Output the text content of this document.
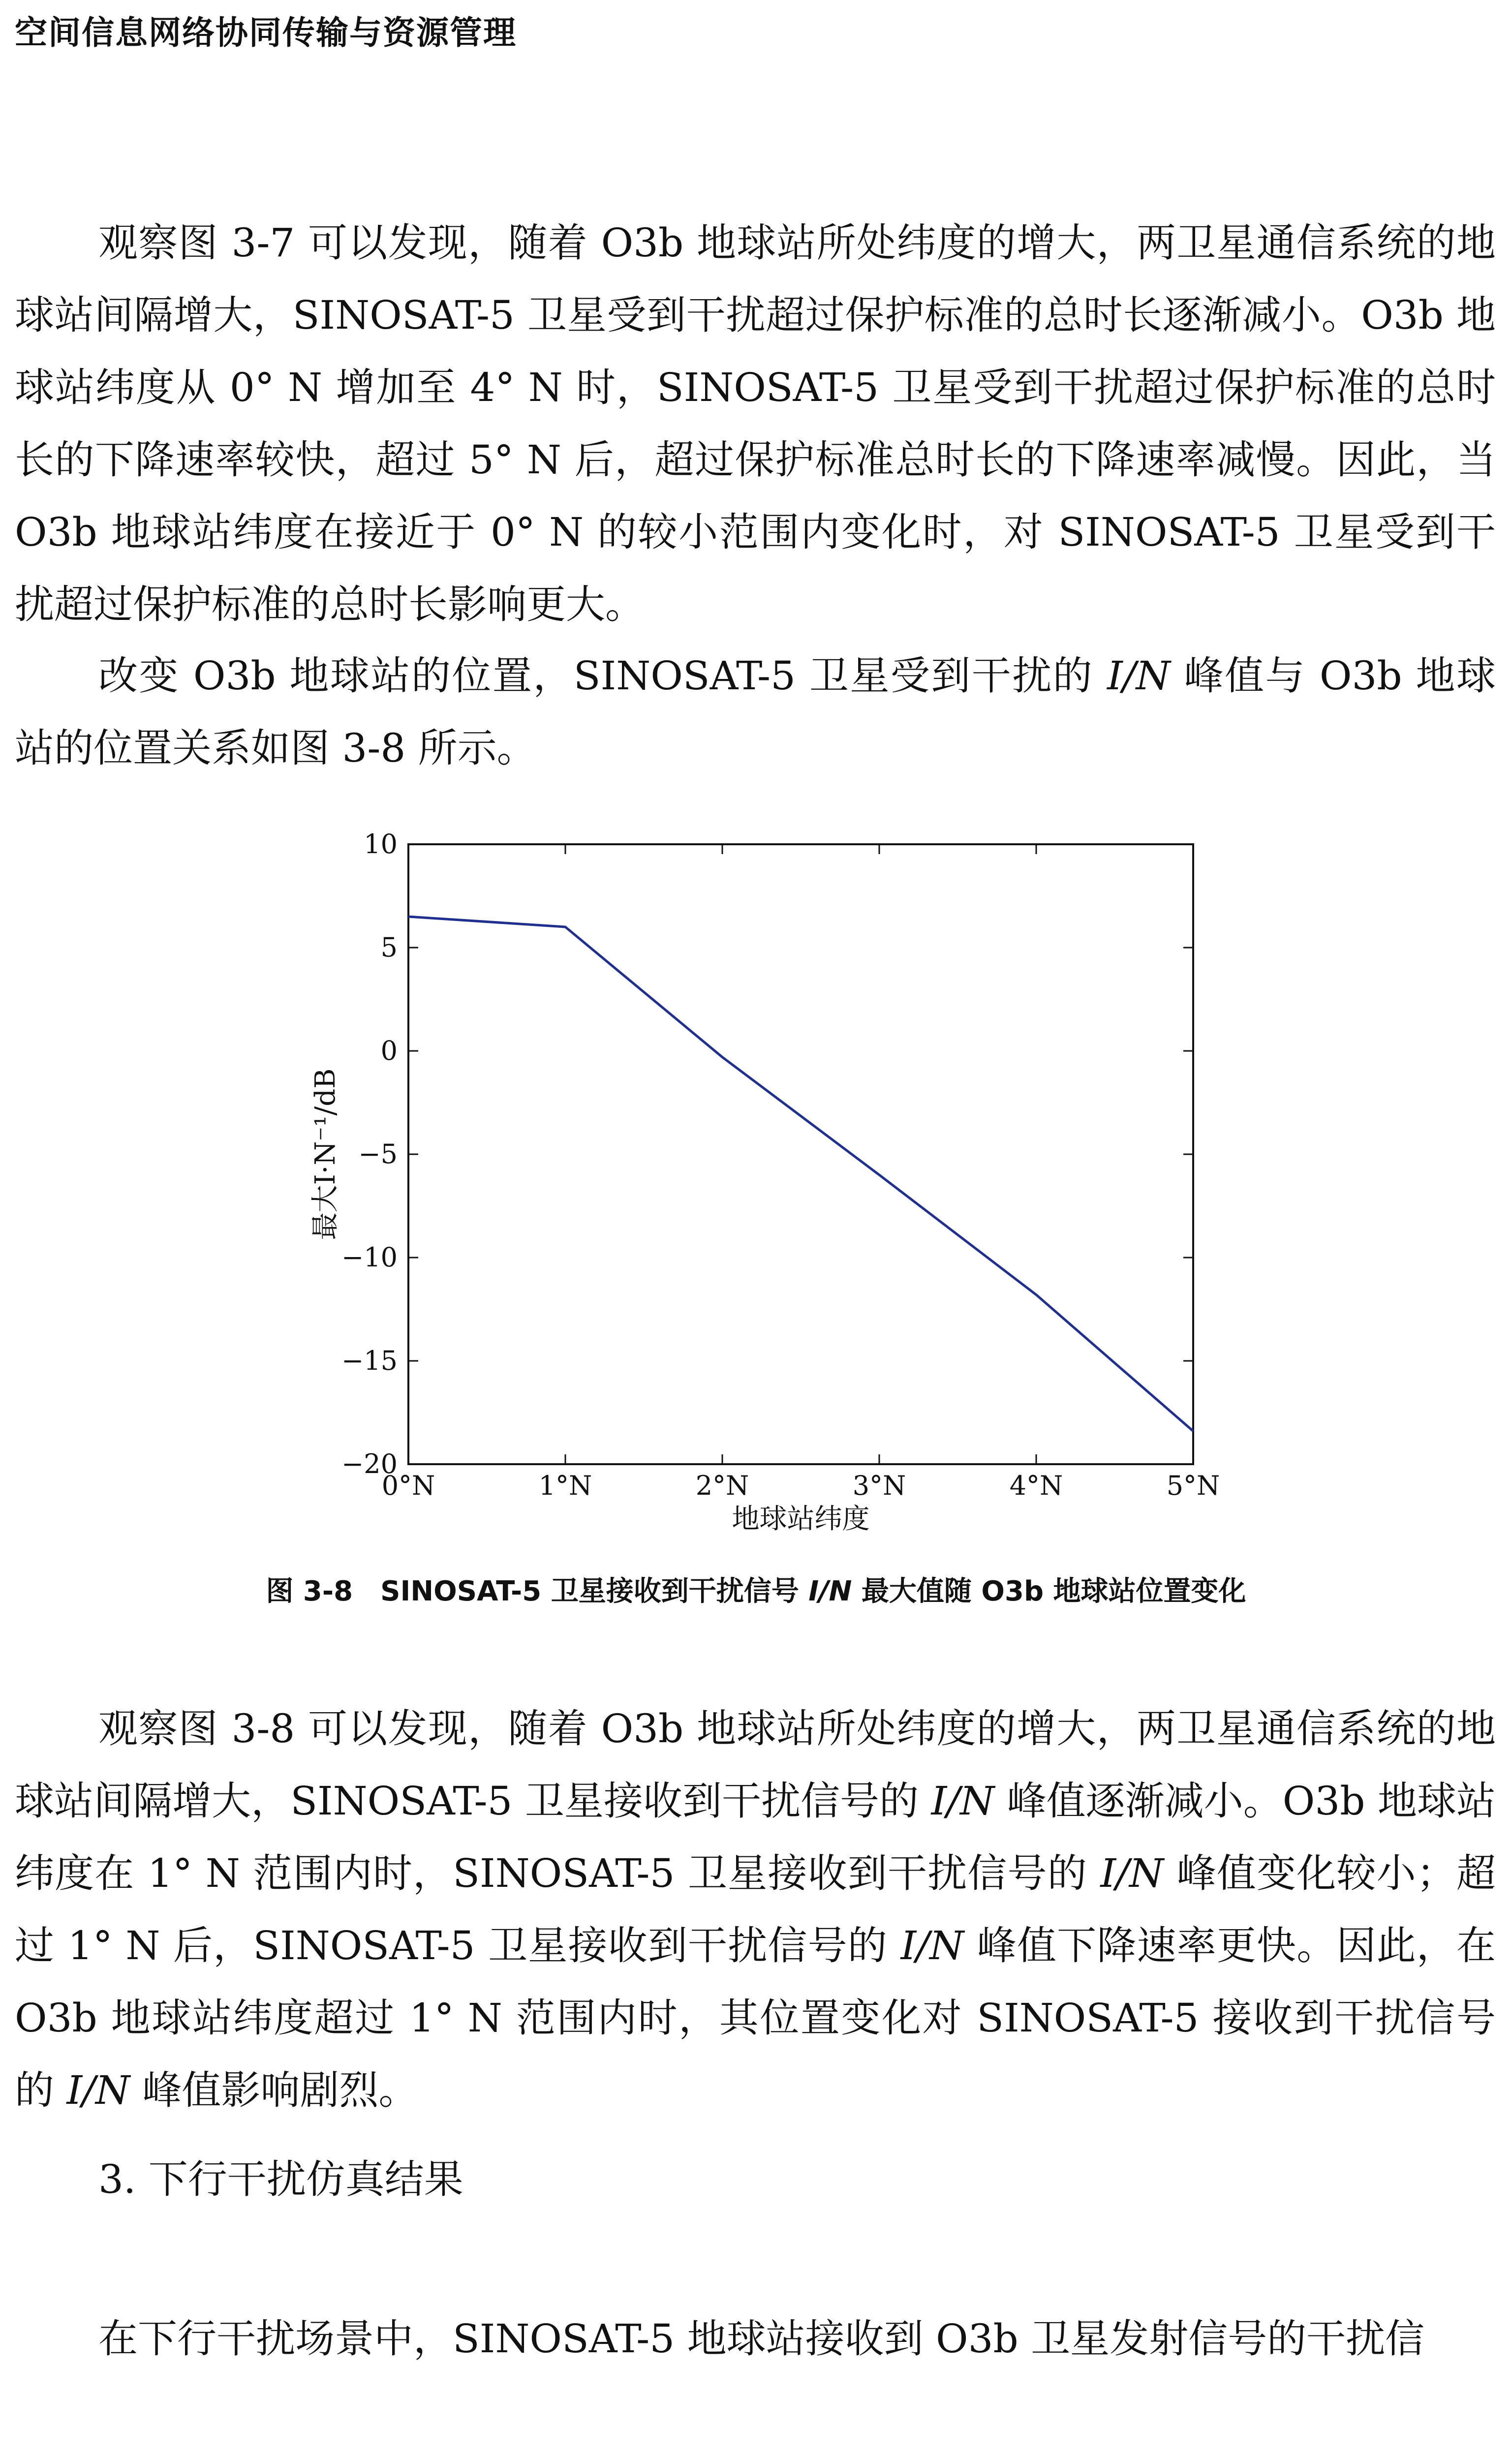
空间信息网络协同传输与资源管理
观察图 3-7 可以发现，随着 O3b 地球站所处纬度的增大，两卫星通信系统的地球站间隔增大，SINOSAT-5 卫星受到干扰超过保护标准的总时长逐渐减小。O3b 地球站纬度从 0° N 增加至 4° N 时，SINOSAT-5 卫星受到干扰超过保护标准的总时长的下降速率较快，超过 5° N 后，超过保护标准总时长的下降速率减慢。因此，当 O3b 地球站纬度在接近于 0° N 的较小范围内变化时，对 SINOSAT-5 卫星受到干扰超过保护标准的总时长影响更大。
改变 O3b 地球站的位置，SINOSAT-5 卫星受到干扰的 I/N 峰值与 O3b 地球站的位置关系如图 3-8 所示。
10
5
0
−5
−10
−15
−20
0°N	1°N	2°N	3°N	4°N	5°N
地球站纬度
最大I·N⁻¹/dB
图 3-8　SINOSAT-5 卫星接收到干扰信号 I/N 最大值随 O3b 地球站位置变化
观察图 3-8 可以发现，随着 O3b 地球站所处纬度的增大，两卫星通信系统的地球站间隔增大，SINOSAT-5 卫星接收到干扰信号的 I/N 峰值逐渐减小。O3b 地球站纬度在 1° N 范围内时，SINOSAT-5 卫星接收到干扰信号的 I/N 峰值变化较小；超过 1° N 后，SINOSAT-5 卫星接收到干扰信号的 I/N 峰值下降速率更快。因此，在 O3b 地球站纬度超过 1° N 范围内时，其位置变化对 SINOSAT-5 接收到干扰信号的 I/N 峰值影响剧烈。
3. 下行干扰仿真结果
在下行干扰场景中，SINOSAT-5 地球站接收到 O3b 卫星发射信号的干扰信
